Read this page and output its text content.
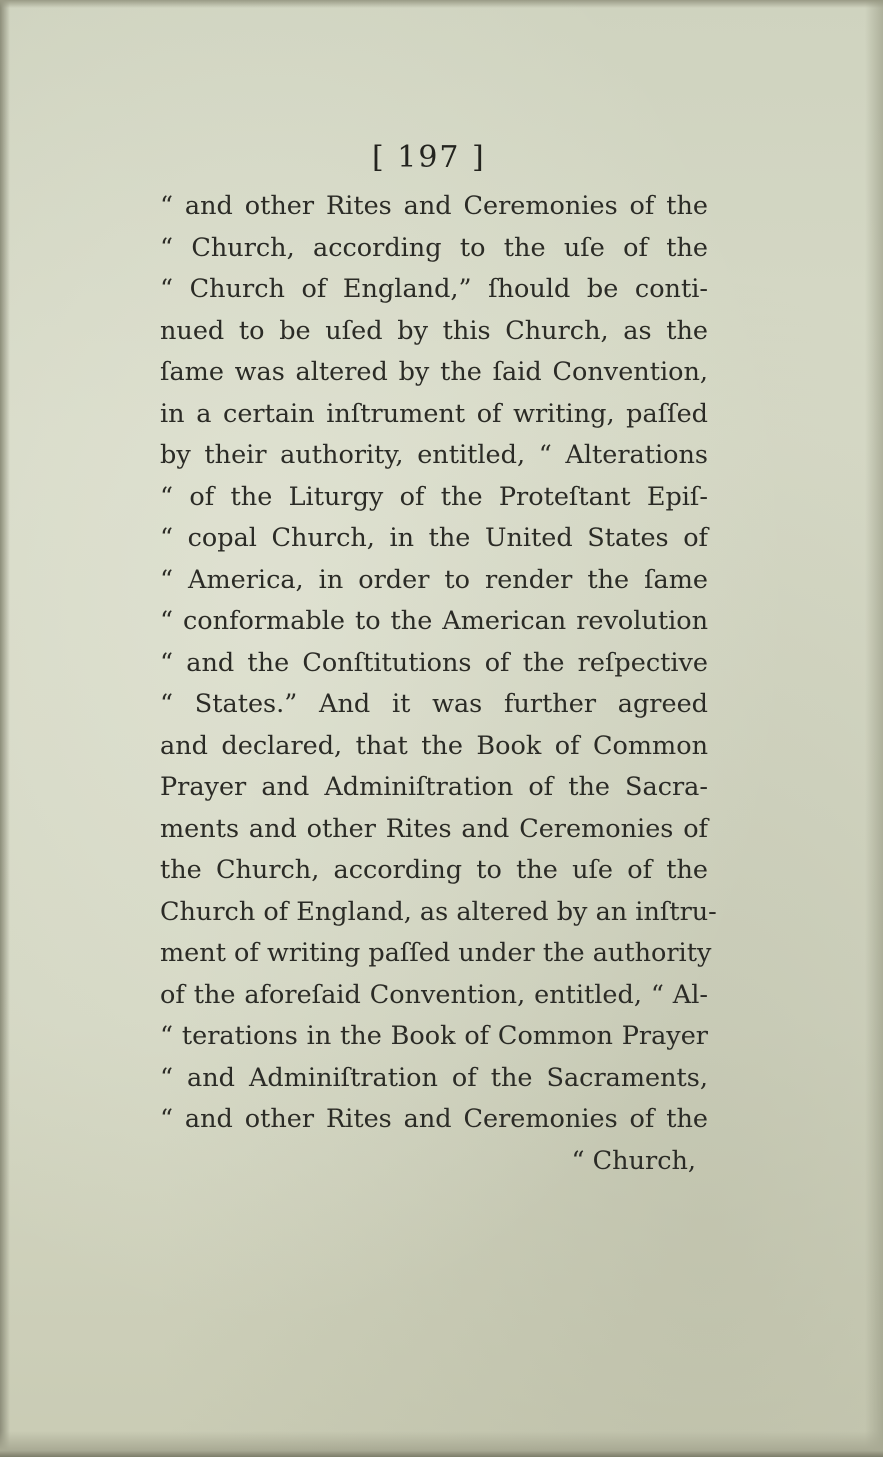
[ 197 ]
“ and other Rites and Ceremonies of the
“ Church, according to the uſe of the
“ Church of England,” ſhould be conti-
nued to be uſed by this Church, as the
ſame was altered by the ſaid Convention,
in a certain inſtrument of writing, paſſed
by their authority, entitled, “ Alterations
“ of the Liturgy of the Proteſtant Epiſ-
“ copal Church, in the United States of
“ America, in order to render the ſame
“ conformable to the American revolution
“ and the Conſtitutions of the reſpective
“ States.” And it was further agreed
and declared, that the Book of Common
Prayer and Adminiſtration of the Sacra-
ments and other Rites and Ceremonies of
the Church, according to the uſe of the
Church of England, as altered by an inſtru-
ment of writing paſſed under the authority
of the aforeſaid Convention, entitled, “ Al-
“ terations in the Book of Common Prayer
“ and Adminiſtration of the Sacraments,
“ and other Rites and Ceremonies of the
“ Church,
